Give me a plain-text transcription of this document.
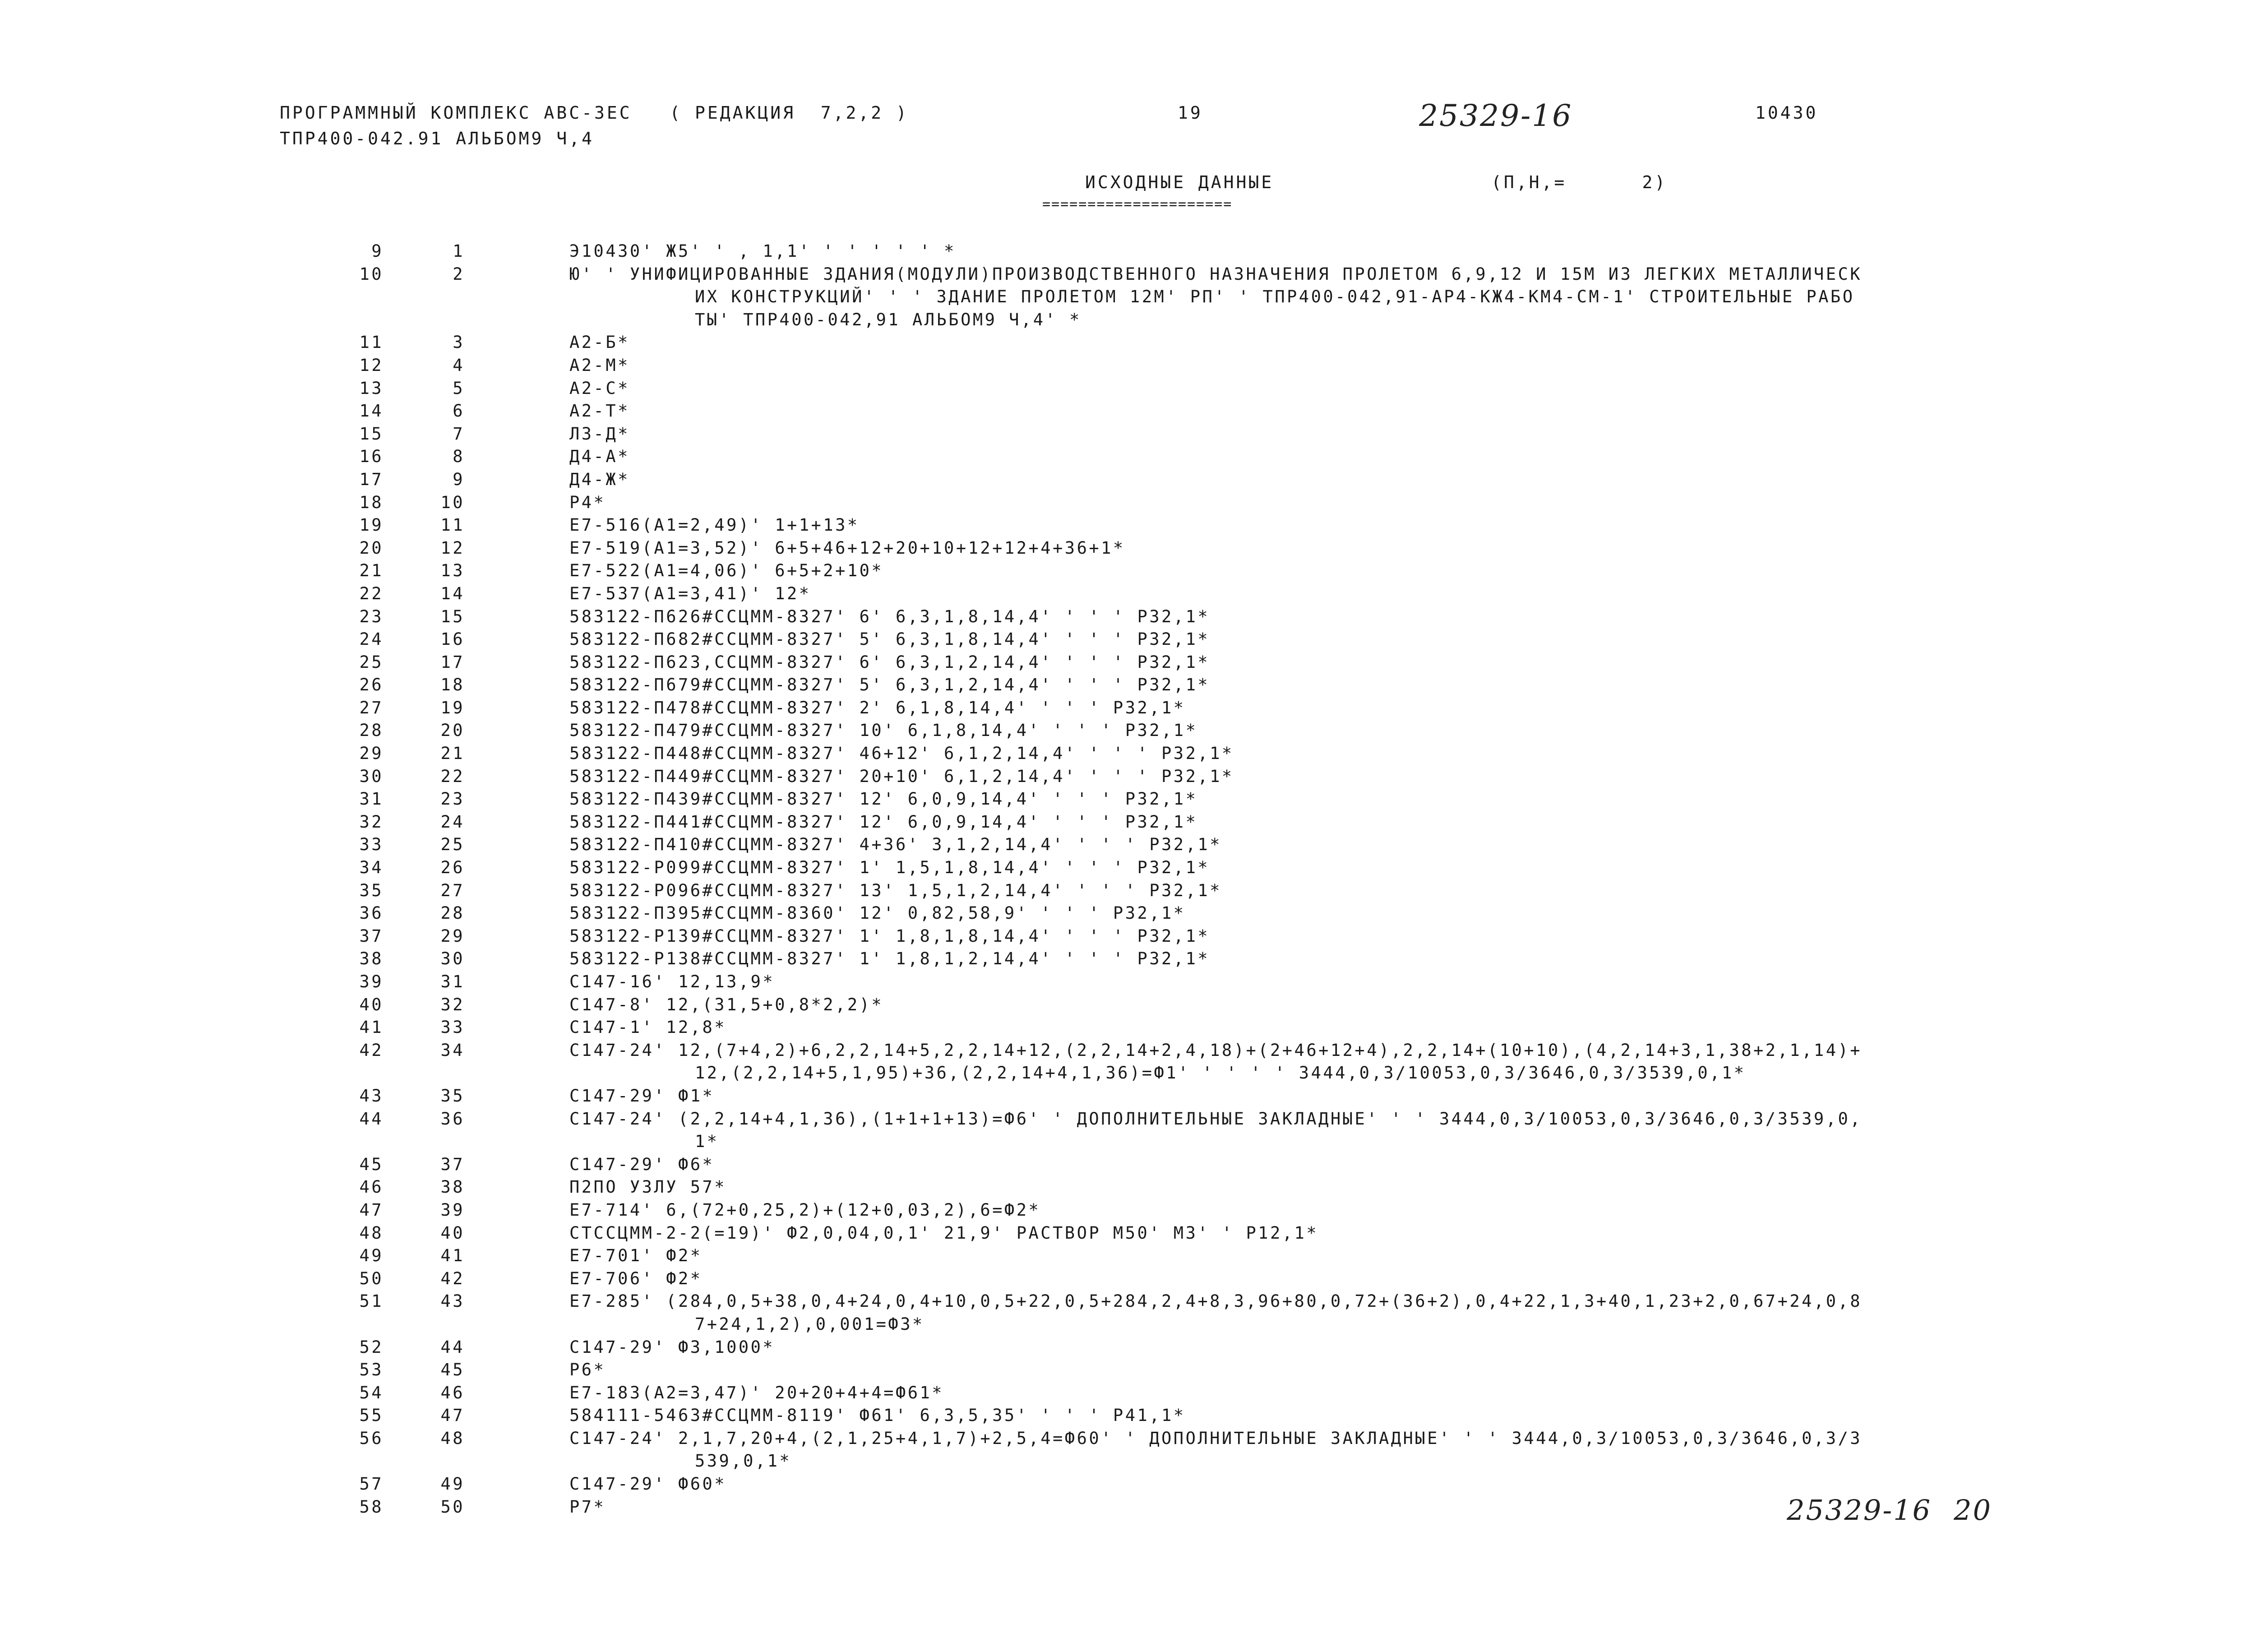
ПРОГРАММНЫЙ КОМПЛЕКС АВС-3ЕС   ( РЕДАКЦИЯ  7,2,2 )	19	25329-16	10430
ТПР400-042.91 АЛЬБОМ9 Ч,4
ИСХОДНЫЕ ДАННЫЕ	(П,Н,=      2)
=====================
9	1	Э10430' Ж5' ' , 1,1' ' ' ' ' ' *
10	2	Ю' ' УНИФИЦИРОВАННЫЕ ЗДАНИЯ(МОДУЛИ)ПРОИЗВОДСТВЕННОГО НАЗНАЧЕНИЯ ПРОЛЕТОМ 6,9,12 И 15М ИЗ ЛЕГКИХ МЕТАЛЛИЧЕСК
ИХ КОНСТРУКЦИЙ' ' ' ЗДАНИЕ ПРОЛЕТОМ 12М' РП' ' ТПР400-042,91-АР4-КЖ4-КМ4-СМ-1' СТРОИТЕЛЬНЫЕ РАБО
ТЫ' ТПР400-042,91 АЛЬБОМ9 Ч,4' *
11	3	А2-Б*
12	4	А2-М*
13	5	А2-С*
14	6	А2-Т*
15	7	Л3-Д*
16	8	Д4-А*
17	9	Д4-Ж*
18	10	Р4*
19	11	Е7-516(А1=2,49)' 1+1+13*
20	12	Е7-519(А1=3,52)' 6+5+46+12+20+10+12+12+4+36+1*
21	13	Е7-522(А1=4,06)' 6+5+2+10*
22	14	Е7-537(А1=3,41)' 12*
23	15	583122-П626#ССЦММ-8327' 6' 6,3,1,8,14,4' ' ' ' Р32,1*
24	16	583122-П682#ССЦММ-8327' 5' 6,3,1,8,14,4' ' ' ' Р32,1*
25	17	583122-П623,ССЦММ-8327' 6' 6,3,1,2,14,4' ' ' ' Р32,1*
26	18	583122-П679#ССЦММ-8327' 5' 6,3,1,2,14,4' ' ' ' Р32,1*
27	19	583122-П478#ССЦММ-8327' 2' 6,1,8,14,4' ' ' ' Р32,1*
28	20	583122-П479#ССЦММ-8327' 10' 6,1,8,14,4' ' ' ' Р32,1*
29	21	583122-П448#ССЦММ-8327' 46+12' 6,1,2,14,4' ' ' ' Р32,1*
30	22	583122-П449#ССЦММ-8327' 20+10' 6,1,2,14,4' ' ' ' Р32,1*
31	23	583122-П439#ССЦММ-8327' 12' 6,0,9,14,4' ' ' ' Р32,1*
32	24	583122-П441#ССЦММ-8327' 12' 6,0,9,14,4' ' ' ' Р32,1*
33	25	583122-П410#ССЦММ-8327' 4+36' 3,1,2,14,4' ' ' ' Р32,1*
34	26	583122-Р099#ССЦММ-8327' 1' 1,5,1,8,14,4' ' ' ' Р32,1*
35	27	583122-Р096#ССЦММ-8327' 13' 1,5,1,2,14,4' ' ' ' Р32,1*
36	28	583122-П395#ССЦММ-8360' 12' 0,82,58,9' ' ' ' Р32,1*
37	29	583122-Р139#ССЦММ-8327' 1' 1,8,1,8,14,4' ' ' ' Р32,1*
38	30	583122-Р138#ССЦММ-8327' 1' 1,8,1,2,14,4' ' ' ' Р32,1*
39	31	С147-16' 12,13,9*
40	32	С147-8' 12,(31,5+0,8*2,2)*
41	33	С147-1' 12,8*
42	34	С147-24' 12,(7+4,2)+6,2,2,14+5,2,2,14+12,(2,2,14+2,4,18)+(2+46+12+4),2,2,14+(10+10),(4,2,14+3,1,38+2,1,14)+
12,(2,2,14+5,1,95)+36,(2,2,14+4,1,36)=Ф1' ' ' ' ' 3444,0,3/10053,0,3/3646,0,3/3539,0,1*
43	35	С147-29' Ф1*
44	36	С147-24' (2,2,14+4,1,36),(1+1+1+13)=Ф6' ' ДОПОЛНИТЕЛЬНЫЕ ЗАКЛАДНЫЕ' ' ' 3444,0,3/10053,0,3/3646,0,3/3539,0,
1*
45	37	С147-29' Ф6*
46	38	П2ПО УЗЛУ 57*
47	39	Е7-714' 6,(72+0,25,2)+(12+0,03,2),6=Ф2*
48	40	СТССЦММ-2-2(=19)' Ф2,0,04,0,1' 21,9' РАСТВОР М50' М3' ' Р12,1*
49	41	Е7-701' Ф2*
50	42	Е7-706' Ф2*
51	43	Е7-285' (284,0,5+38,0,4+24,0,4+10,0,5+22,0,5+284,2,4+8,3,96+80,0,72+(36+2),0,4+22,1,3+40,1,23+2,0,67+24,0,8
7+24,1,2),0,001=Ф3*
52	44	С147-29' Ф3,1000*
53	45	Р6*
54	46	Е7-183(А2=3,47)' 20+20+4+4=Ф61*
55	47	584111-5463#ССЦММ-8119' Ф61' 6,3,5,35' ' ' ' Р41,1*
56	48	С147-24' 2,1,7,20+4,(2,1,25+4,1,7)+2,5,4=Ф60' ' ДОПОЛНИТЕЛЬНЫЕ ЗАКЛАДНЫЕ' ' ' 3444,0,3/10053,0,3/3646,0,3/3
539,0,1*
57	49	С147-29' Ф60*
58	50	Р7*	25329-16 20
